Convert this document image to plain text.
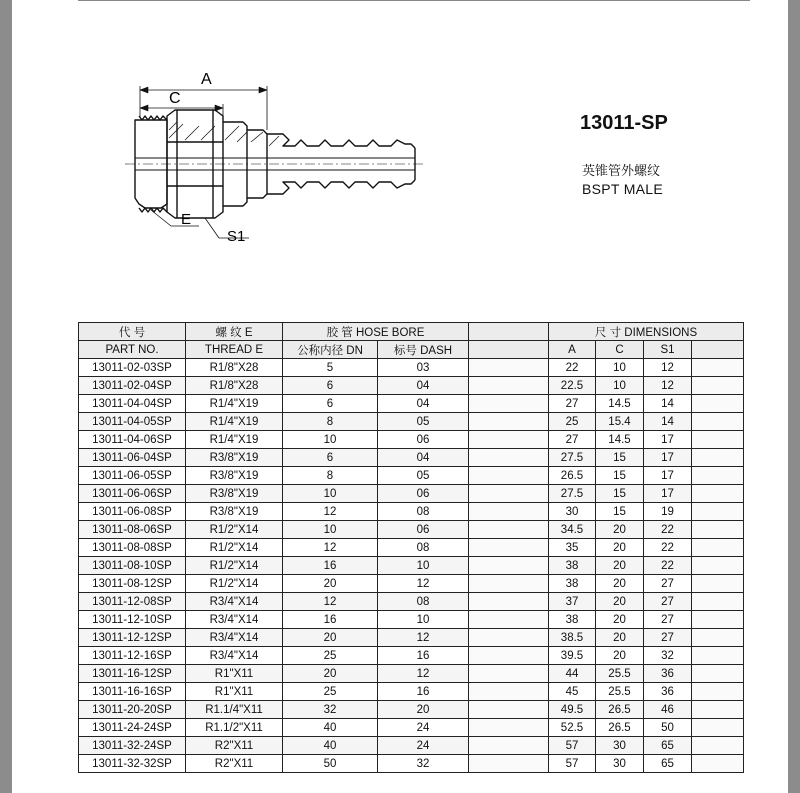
A
C
E
S1
13011-SP
英锥管外螺纹
BSPT MALE
代 号	螺 纹 E	胶 管 HOSE BORE			尺 寸 DIMENSIONS			
PART NO.	THREAD E	公称内径 DN	标号 DASH		A	C	S1	
13011-02-03SP	R1/8"X28	5	03		22	10	12	
13011-02-04SP	R1/8"X28	6	04		22.5	10	12	
13011-04-04SP	R1/4"X19	6	04		27	14.5	14	
13011-04-05SP	R1/4"X19	8	05		25	15.4	14	
13011-04-06SP	R1/4"X19	10	06		27	14.5	17	
13011-06-04SP	R3/8"X19	6	04		27.5	15	17	
13011-06-05SP	R3/8"X19	8	05		26.5	15	17	
13011-06-06SP	R3/8"X19	10	06		27.5	15	17	
13011-06-08SP	R3/8"X19	12	08		30	15	19	
13011-08-06SP	R1/2"X14	10	06		34.5	20	22	
13011-08-08SP	R1/2"X14	12	08		35	20	22	
13011-08-10SP	R1/2"X14	16	10		38	20	22	
13011-08-12SP	R1/2"X14	20	12		38	20	27	
13011-12-08SP	R3/4"X14	12	08		37	20	27	
13011-12-10SP	R3/4"X14	16	10		38	20	27	
13011-12-12SP	R3/4"X14	20	12		38.5	20	27	
13011-12-16SP	R3/4"X14	25	16		39.5	20	32	
13011-16-12SP	R1"X11	20	12		44	25.5	36	
13011-16-16SP	R1"X11	25	16		45	25.5	36	
13011-20-20SP	R1.1/4"X11	32	20		49.5	26.5	46	
13011-24-24SP	R1.1/2"X11	40	24		52.5	26.5	50	
13011-32-24SP	R2"X11	40	24		57	30	65	
13011-32-32SP	R2"X11	50	32		57	30	65	
